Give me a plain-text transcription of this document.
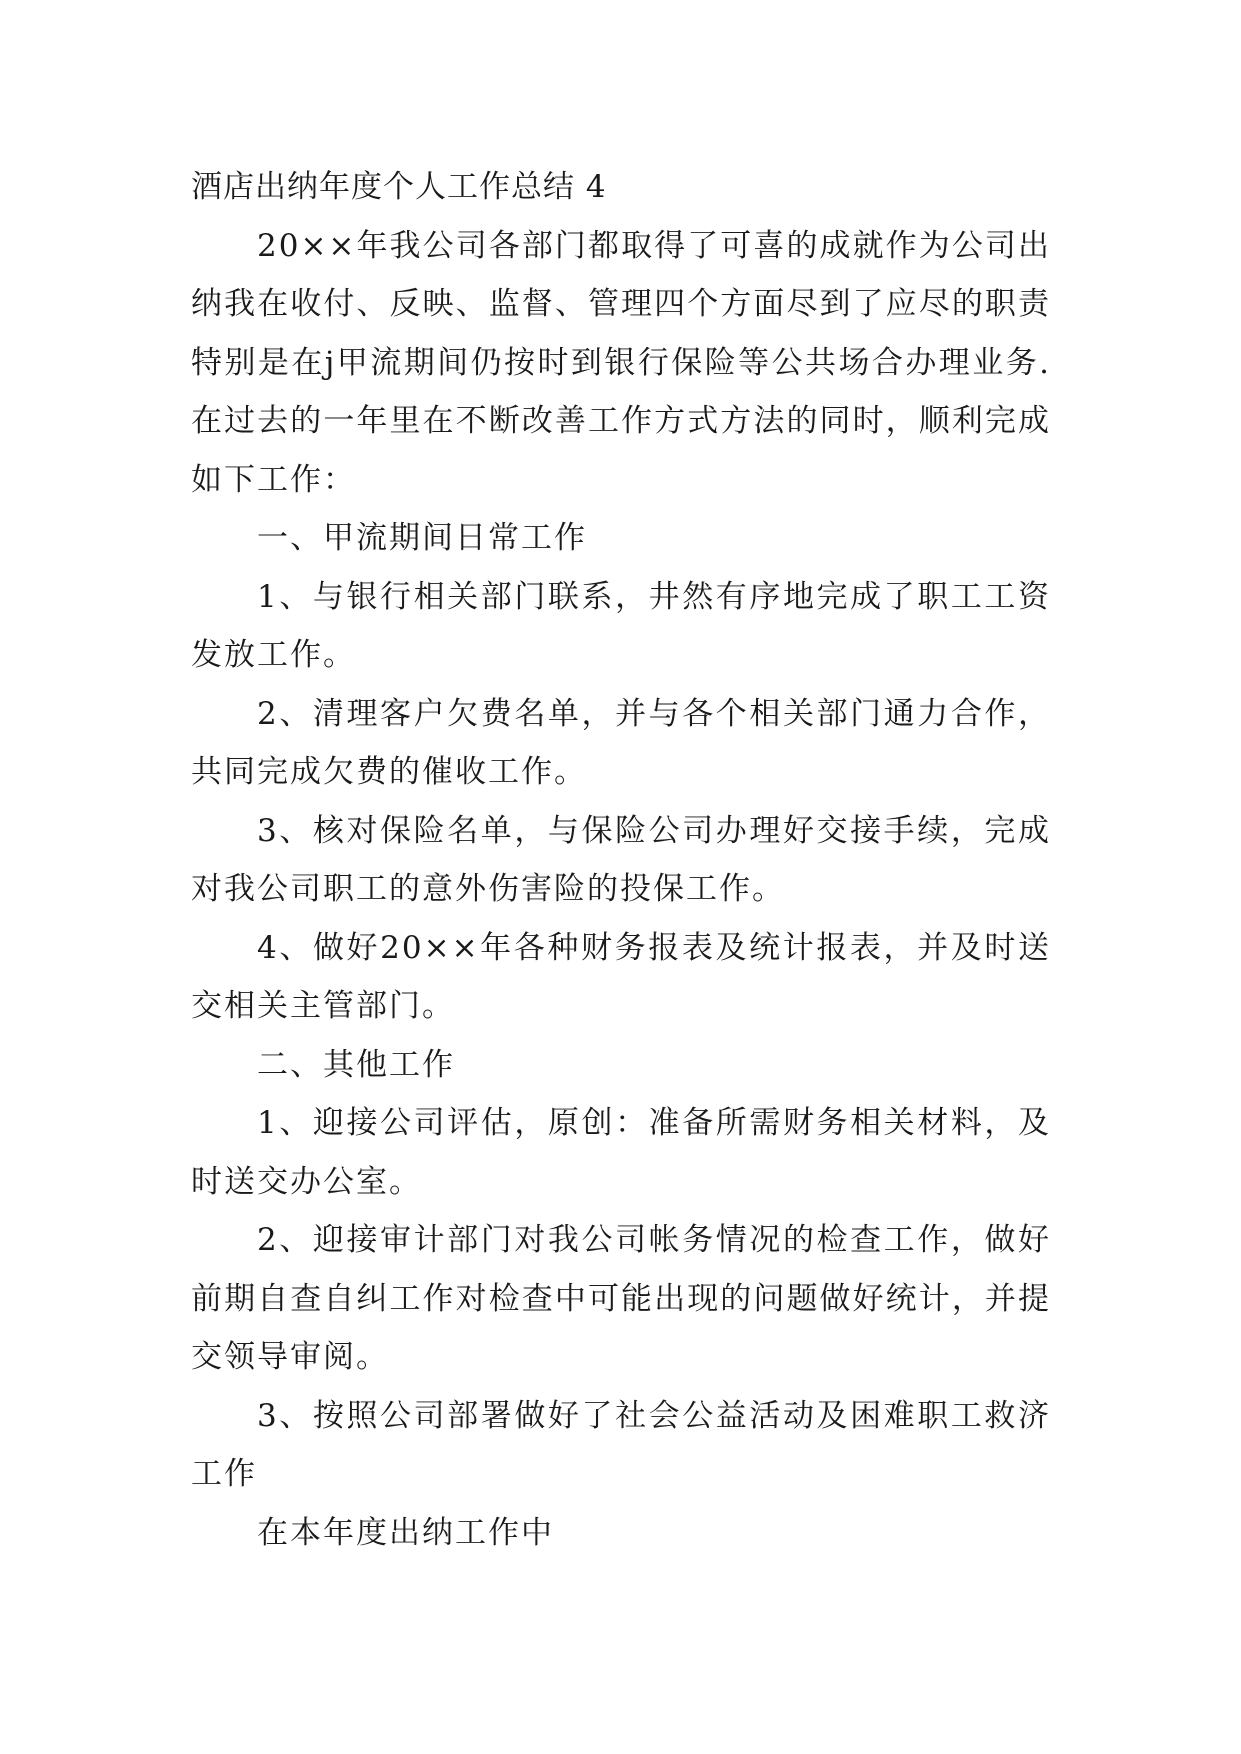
酒店出纳年度个人工作总结 4

20××年我公司各部门都取得了可喜的成就作为公司出纳我在收付、反映、监督、管理四个方面尽到了应尽的职责特别是在j甲流期间仍按时到银行保险等公共场合办理业务.在过去的一年里在不断改善工作方式方法的同时，顺利完成如下工作：

一、甲流期间日常工作

1、与银行相关部门联系，井然有序地完成了职工工资发放工作。

2、清理客户欠费名单，并与各个相关部门通力合作，共同完成欠费的催收工作。

3、核对保险名单，与保险公司办理好交接手续，完成对我公司职工的意外伤害险的投保工作。

4、做好20××年各种财务报表及统计报表，并及时送交相关主管部门。

二、其他工作

1、迎接公司评估，原创：准备所需财务相关材料，及时送交办公室。

2、迎接审计部门对我公司帐务情况的检查工作，做好前期自查自纠工作对检查中可能出现的问题做好统计，并提交领导审阅。

3、按照公司部署做好了社会公益活动及困难职工救济工作

在本年度出纳工作中
